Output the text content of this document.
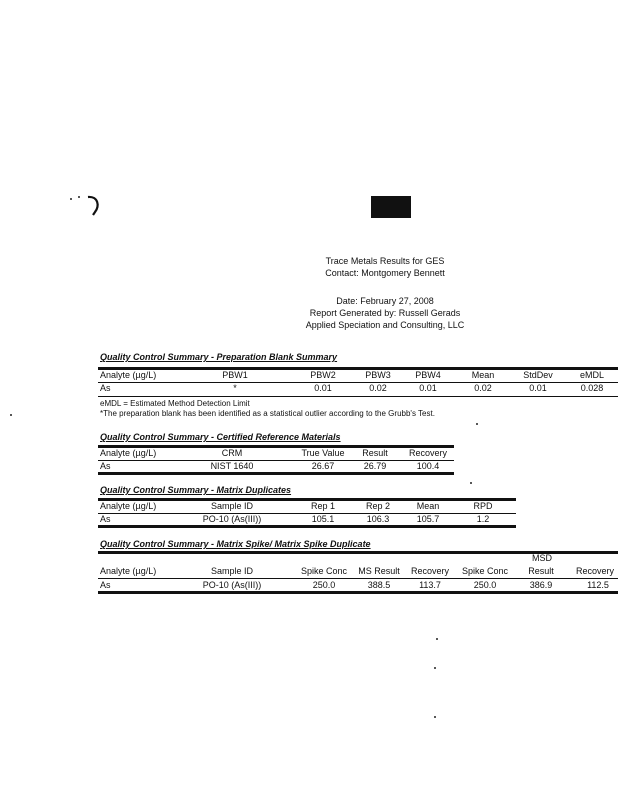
Trace Metals Results for GES
Contact: Montgomery Bennett
Date: February 27, 2008
Report Generated by: Russell Gerads
Applied Speciation and Consulting, LLC
Quality Control Summary - Preparation Blank Summary
Analyte (µg/L)	PBW1	PBW2	PBW3	PBW4	Mean	StdDev	eMDL
As	*	0.01	0.02	0.01	0.02	0.01	0.028
eMDL = Estimated Method Detection Limit
*The preparation blank has been identified as a statistical outlier according to the Grubb's Test.
Quality Control Summary - Certified Reference Materials
Analyte (µg/L)	CRM	True Value	Result	Recovery
As	NIST 1640	26.67	26.79	100.4
Quality Control Summary - Matrix Duplicates
Analyte (µg/L)	Sample ID	Rep 1	Rep 2	Mean	RPD
As	PO-10 (As(III))	105.1	106.3	105.7	1.2
Quality Control Summary - Matrix Spike/ Matrix Spike Duplicate
MSD
Analyte (µg/L)	Sample ID	Spike Conc	MS Result	Recovery	Spike Conc	Result	Recovery
As	PO-10 (As(III))	250.0	388.5	113.7	250.0	386.9	112.5
